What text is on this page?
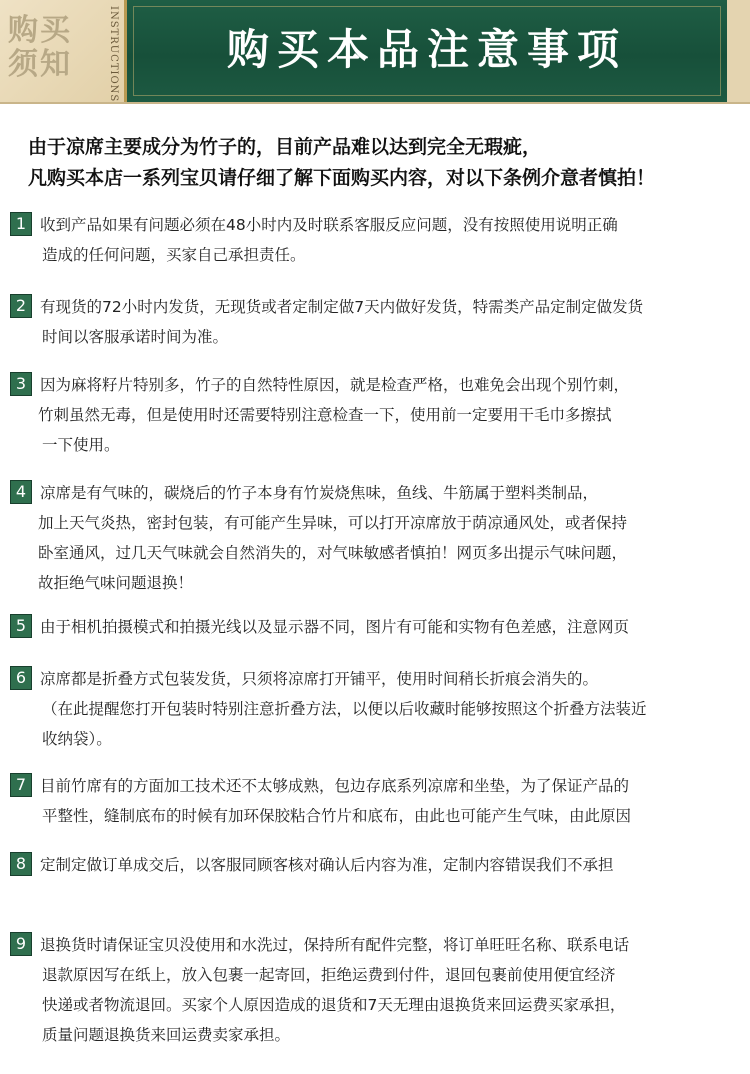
购买须知	INSTRUCTIONS	购买本品注意事项
由于凉席主要成分为竹子的，目前产品难以达到完全无瑕疵，
凡购买本店一系列宝贝请仔细了解下面购买内容，对以下条例介意者慎拍！
1 收到产品如果有问题必须在48小时内及时联系客服反应问题，没有按照使用说明正确
造成的任何问题，买家自己承担责任。
2 有现货的72小时内发货，无现货或者定制定做7天内做好发货，特需类产品定制定做发货
时间以客服承诺时间为准。
3 因为麻将籽片特别多，竹子的自然特性原因，就是检查严格，也难免会出现个别竹刺，
竹刺虽然无毒，但是使用时还需要特别注意检查一下，使用前一定要用干毛巾多擦拭
一下使用。
4 凉席是有气味的，碳烧后的竹子本身有竹炭烧焦味，鱼线、牛筋属于塑料类制品，
加上天气炎热，密封包装，有可能产生异味，可以打开凉席放于荫凉通风处，或者保持
卧室通风，过几天气味就会自然消失的，对气味敏感者慎拍！网页多出提示气味问题，
故拒绝气味问题退换！
5 由于相机拍摄模式和拍摄光线以及显示器不同，图片有可能和实物有色差感，注意网页
6 凉席都是折叠方式包装发货，只须将凉席打开铺平，使用时间稍长折痕会消失的。
（在此提醒您打开包装时特别注意折叠方法，以便以后收藏时能够按照这个折叠方法装近
收纳袋）。
7 目前竹席有的方面加工技术还不太够成熟，包边存底系列凉席和坐垫，为了保证产品的
平整性，缝制底布的时候有加环保胶粘合竹片和底布，由此也可能产生气味，由此原因
8 定制定做订单成交后，以客服同顾客核对确认后内容为准，定制内容错误我们不承担
9 退换货时请保证宝贝没使用和水洗过，保持所有配件完整，将订单旺旺名称、联系电话
退款原因写在纸上，放入包裹一起寄回，拒绝运费到付件，退回包裹前使用便宜经济
快递或者物流退回。买家个人原因造成的退货和7天无理由退换货来回运费买家承担，
质量问题退换货来回运费卖家承担。
